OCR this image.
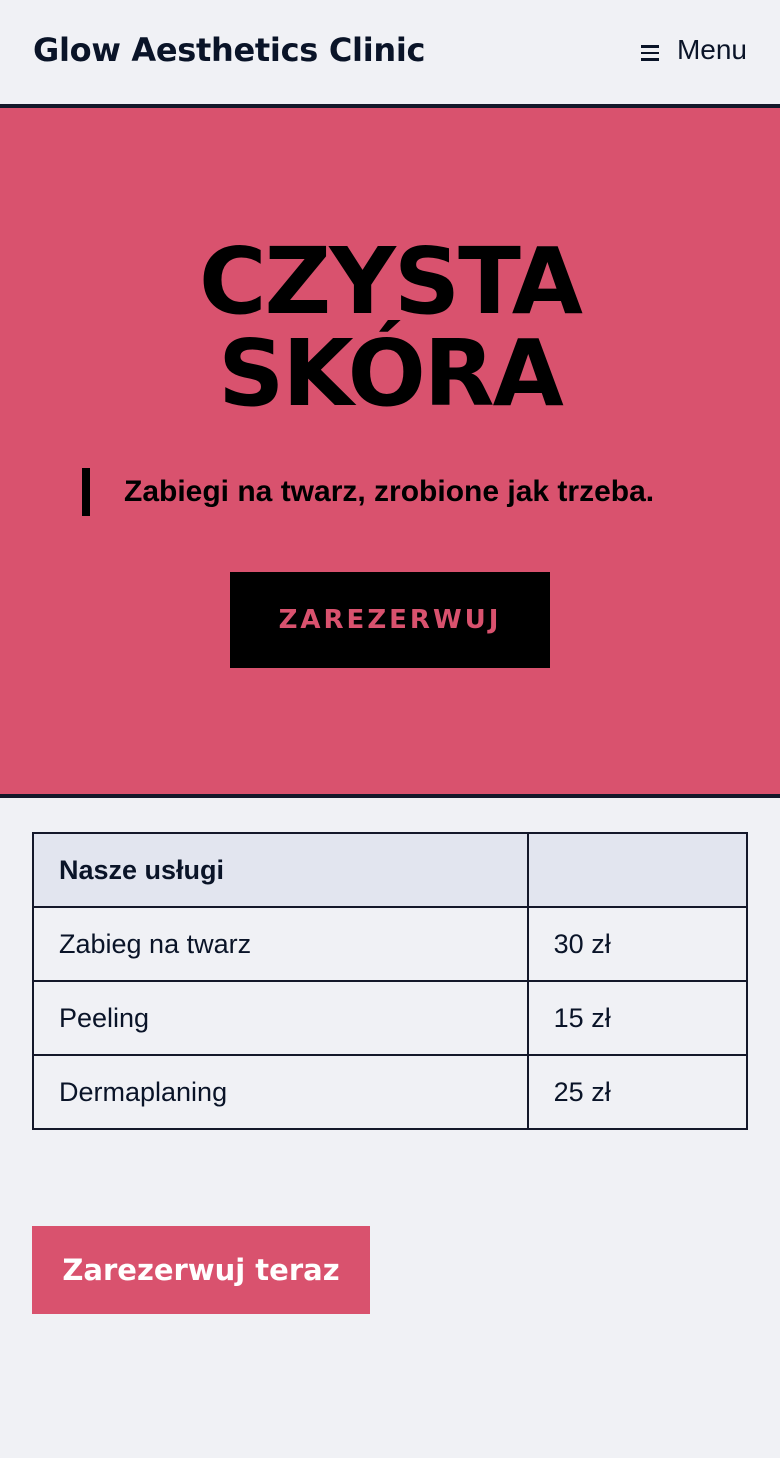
Glow Aesthetics Clinic	Menu
CZYSTA
SKÓRA
Zabiegi na twarz, zrobione jak trzeba.
ZAREZERWUJ
Nasze usługi	
Zabieg na twarz	30 zł
Peeling	15 zł
Dermaplaning	25 zł
Zarezerwuj teraz
